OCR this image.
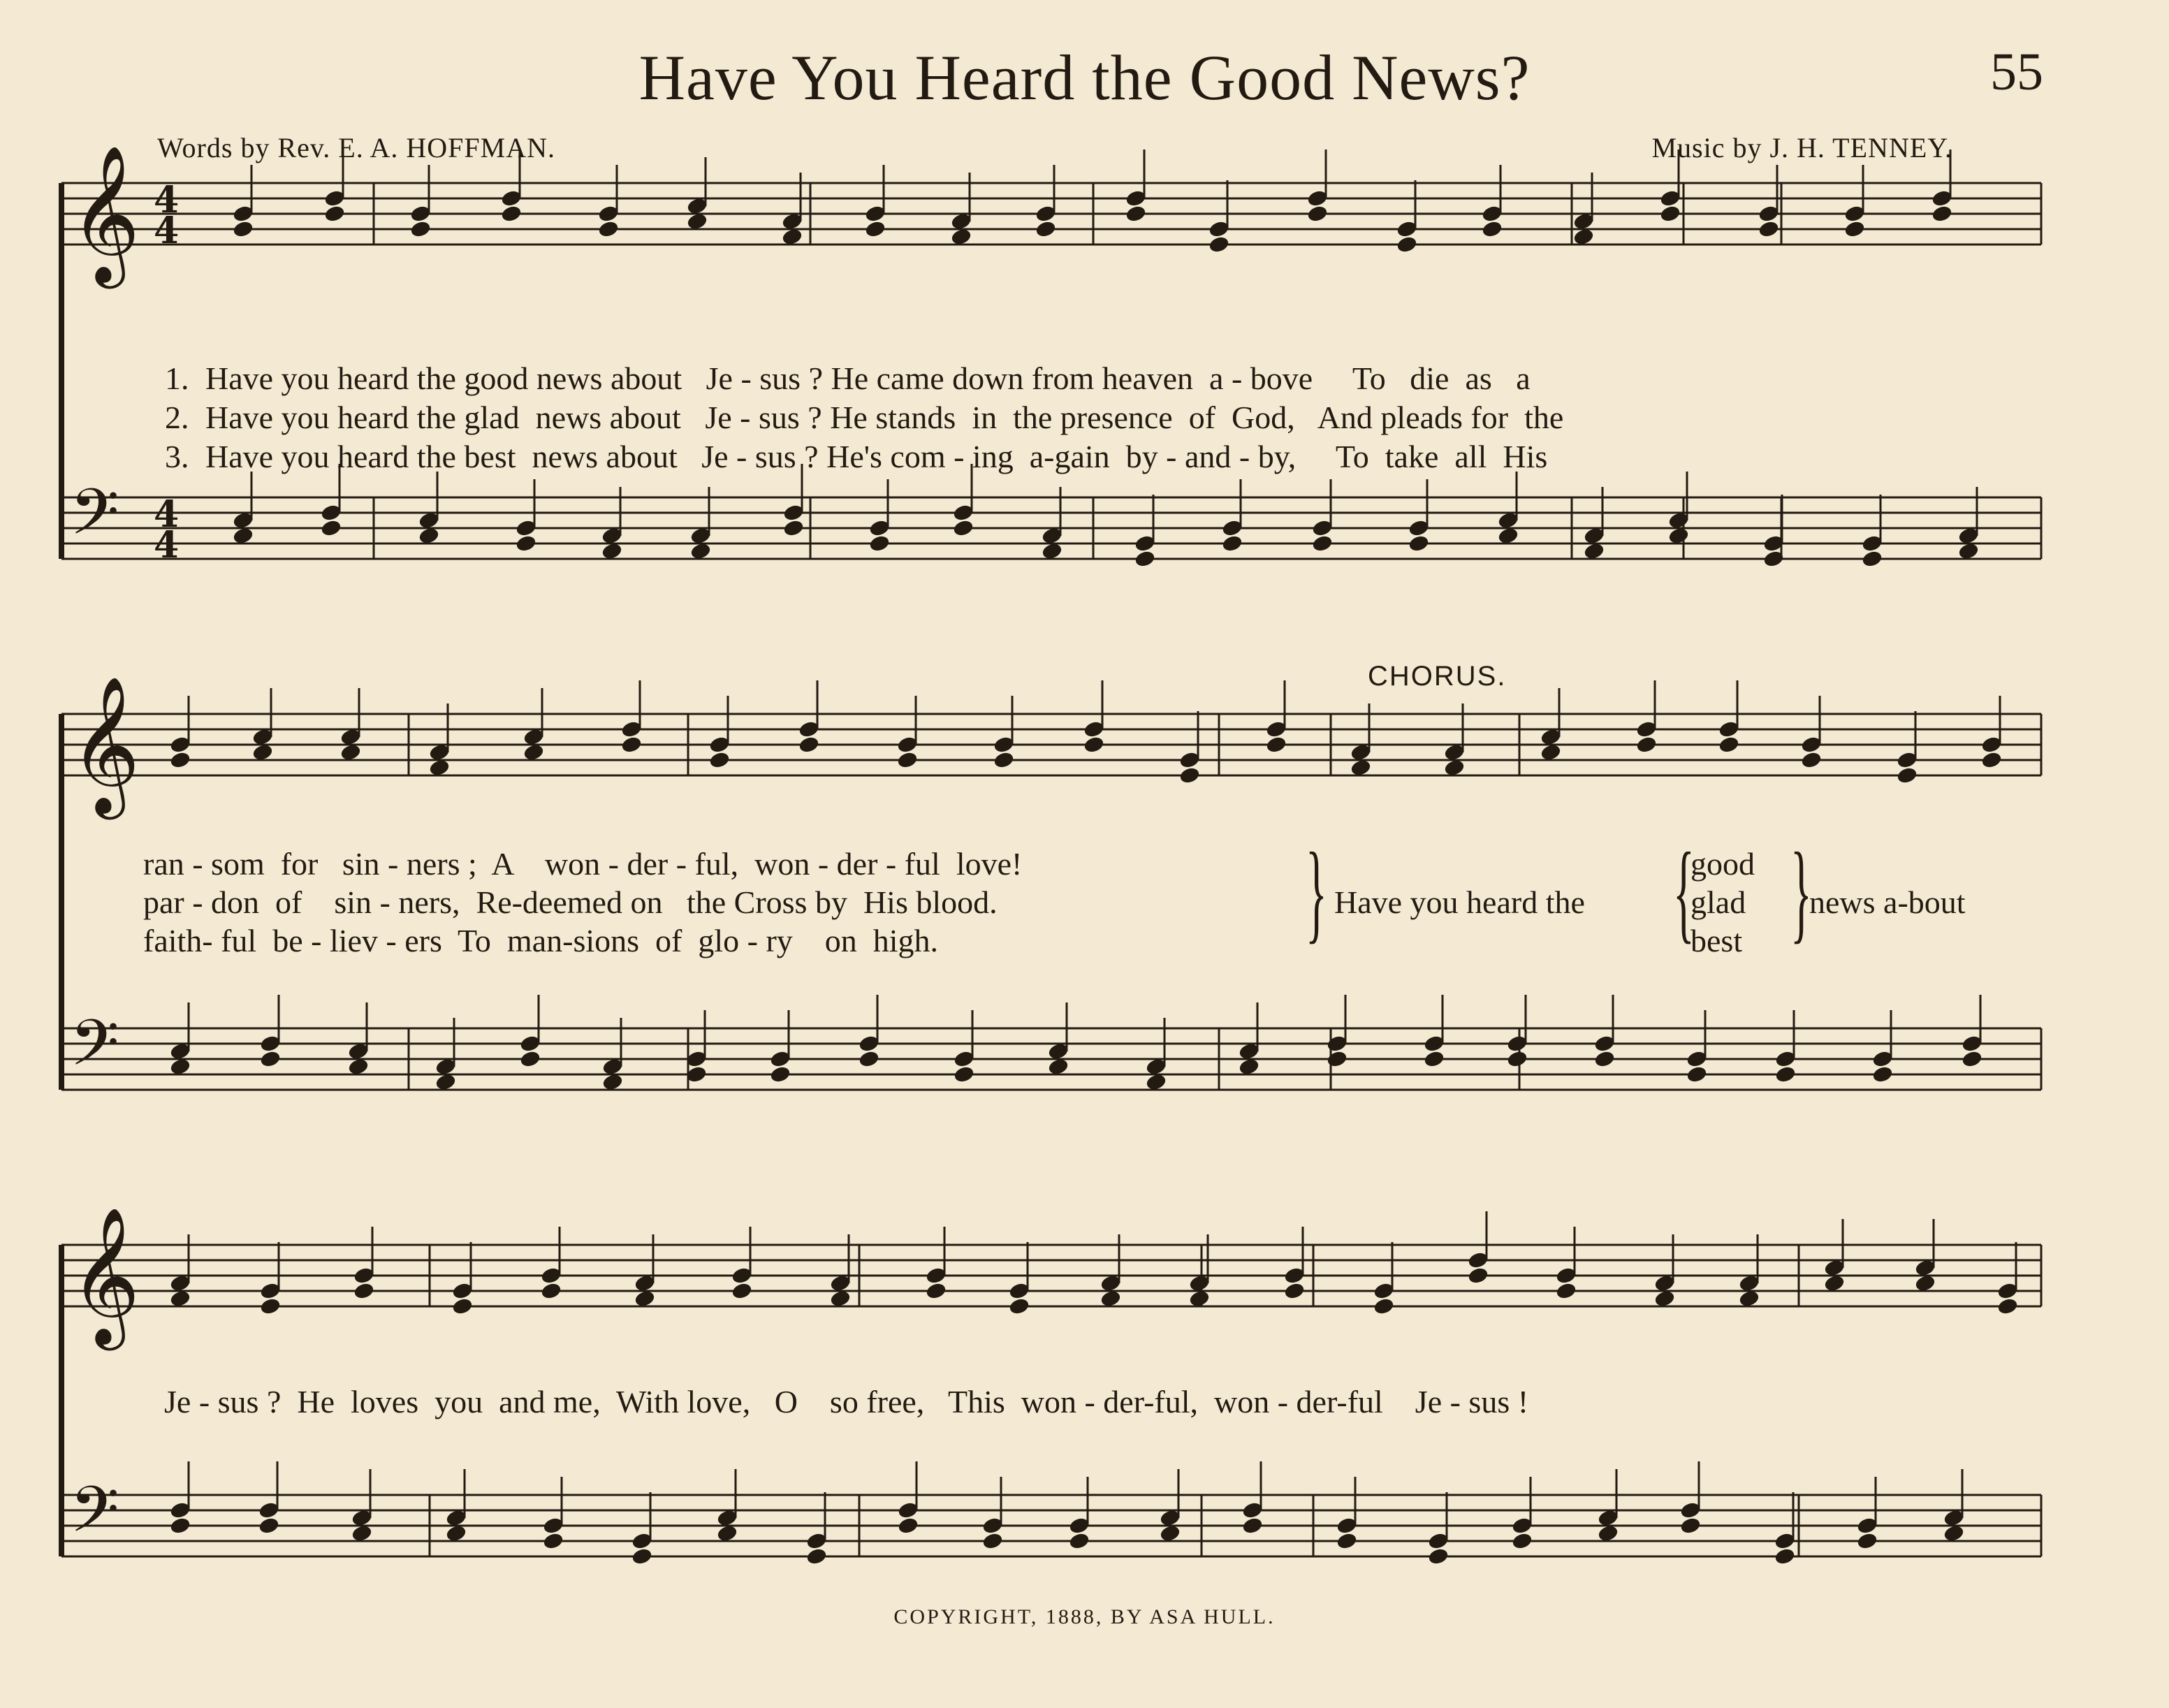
Have You Heard the Good News?	55
Words by Rev. E. A. HOFFMAN.	Music by J. H. TENNEY.
𝄞
𝄢
𝄞
𝄢
𝄞
𝄢
4
4
4
4

1. Have you heard the good news about   Je - sus ? He came down from heaven  a - bove     To   die  as   a

2. Have you heard the glad  news about   Je - sus ? He stands  in  the presence  of  God,   And pleads for  the

3. Have you heard the best  news about   Je - sus ? He's com - ing  a-gain  by - and - by,     To  take  all  His

CHORUS.
ran - som  for   sin - ners ;  A    won - der - ful,  won - der - ful  love!
par - don  of    sin - ners,  Re-deemed on   the Cross by  His blood.
faith- ful  be - liev - ers  To  man-sions  of  glo - ry    on  high.	} Have you heard the {
good
glad
best }
news a-bout
Je - sus ?  He  loves  you  and me,  With love,   O    so free,   This  won - der-ful,  won - der-ful    Je - sus !
COPYRIGHT, 1888, BY ASA HULL.
